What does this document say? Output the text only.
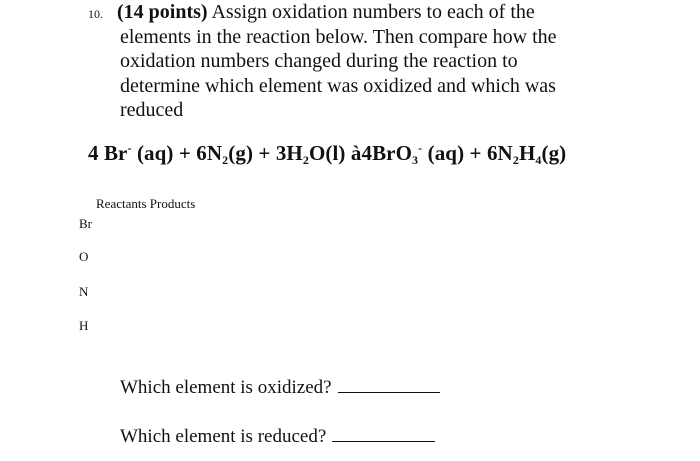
10. (14 points) Assign oxidation numbers to each of the
elements in the reaction below. Then compare how the
oxidation numbers changed during the reaction to
determine which element was oxidized and which was
reduced
4 Br- $(aq) + 6N_2(g) + 3H_2O(l)$ à4BrO$_3$- $(aq) + 6N_2H_4(g)$
Reactants Products
Br
O
N
H
Which element is oxidized?
Which element is reduced?
